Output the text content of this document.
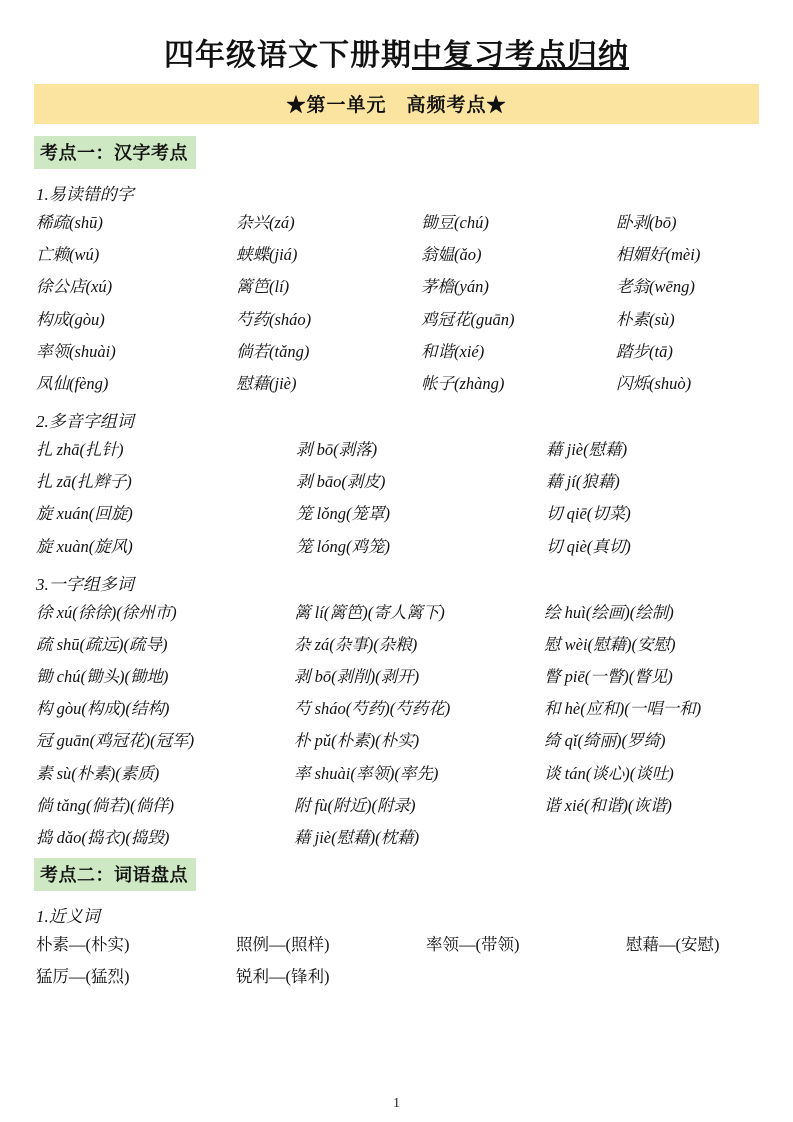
四年级语文下册期中复习考点归纳
★第一单元　高频考点★
考点一：汉字考点
1.易读错的字
稀疏(shū)	杂兴(zá)	锄豆(chú)	卧剥(bō)
亡赖(wú)	蛱蝶(jiá)	翁媪(ǎo)	相媚好(mèi)
徐公店(xú)	篱笆(lí)	茅檐(yán)	老翁(wēng)
构成(gòu)	芍药(sháo)	鸡冠花(guān)	朴素(sù)
率领(shuài)	倘若(tǎng)	和谐(xié)	踏步(tā)
凤仙(fèng)	慰藉(jiè)	帐子(zhàng)	闪烁(shuò)
2.多音字组词
扎 zhā(扎针)	剥 bō(剥落)	藉 jiè(慰藉)
扎 zā(扎辫子)	剥 bāo(剥皮)	藉 jí(狼藉)
旋 xuán(回旋)	笼 lǒng(笼罩)	切 qiē(切菜)
旋 xuàn(旋风)	笼 lóng(鸡笼)	切 qiè(真切)
3.一字组多词
徐 xú(徐徐)(徐州市)	篱 lí(篱笆)(寄人篱下)	绘 huì(绘画)(绘制)
疏 shū(疏远)(疏导)	杂 zá(杂事)(杂粮)	慰 wèi(慰藉)(安慰)
锄 chú(锄头)(锄地)	剥 bō(剥削)(剥开)	瞥 piē(一瞥)(瞥见)
构 gòu(构成)(结构)	芍 sháo(芍药)(芍药花)	和 hè(应和)(一唱一和)
冠 guān(鸡冠花)(冠军)	朴 pǔ(朴素)(朴实)	绮 qǐ(绮丽)(罗绮)
素 sù(朴素)(素质)	率 shuài(率领)(率先)	谈 tán(谈心)(谈吐)
倘 tǎng(倘若)(倘佯)	附 fù(附近)(附录)	谐 xié(和谐)(诙谐)
捣 dǎo(捣衣)(捣毁)	藉 jiè(慰藉)(枕藉)
考点二：词语盘点
1.近义词
朴素—(朴实)	照例—(照样)	率领—(带领)	慰藉—(安慰)
猛厉—(猛烈)	锐利—(锋利)
1
